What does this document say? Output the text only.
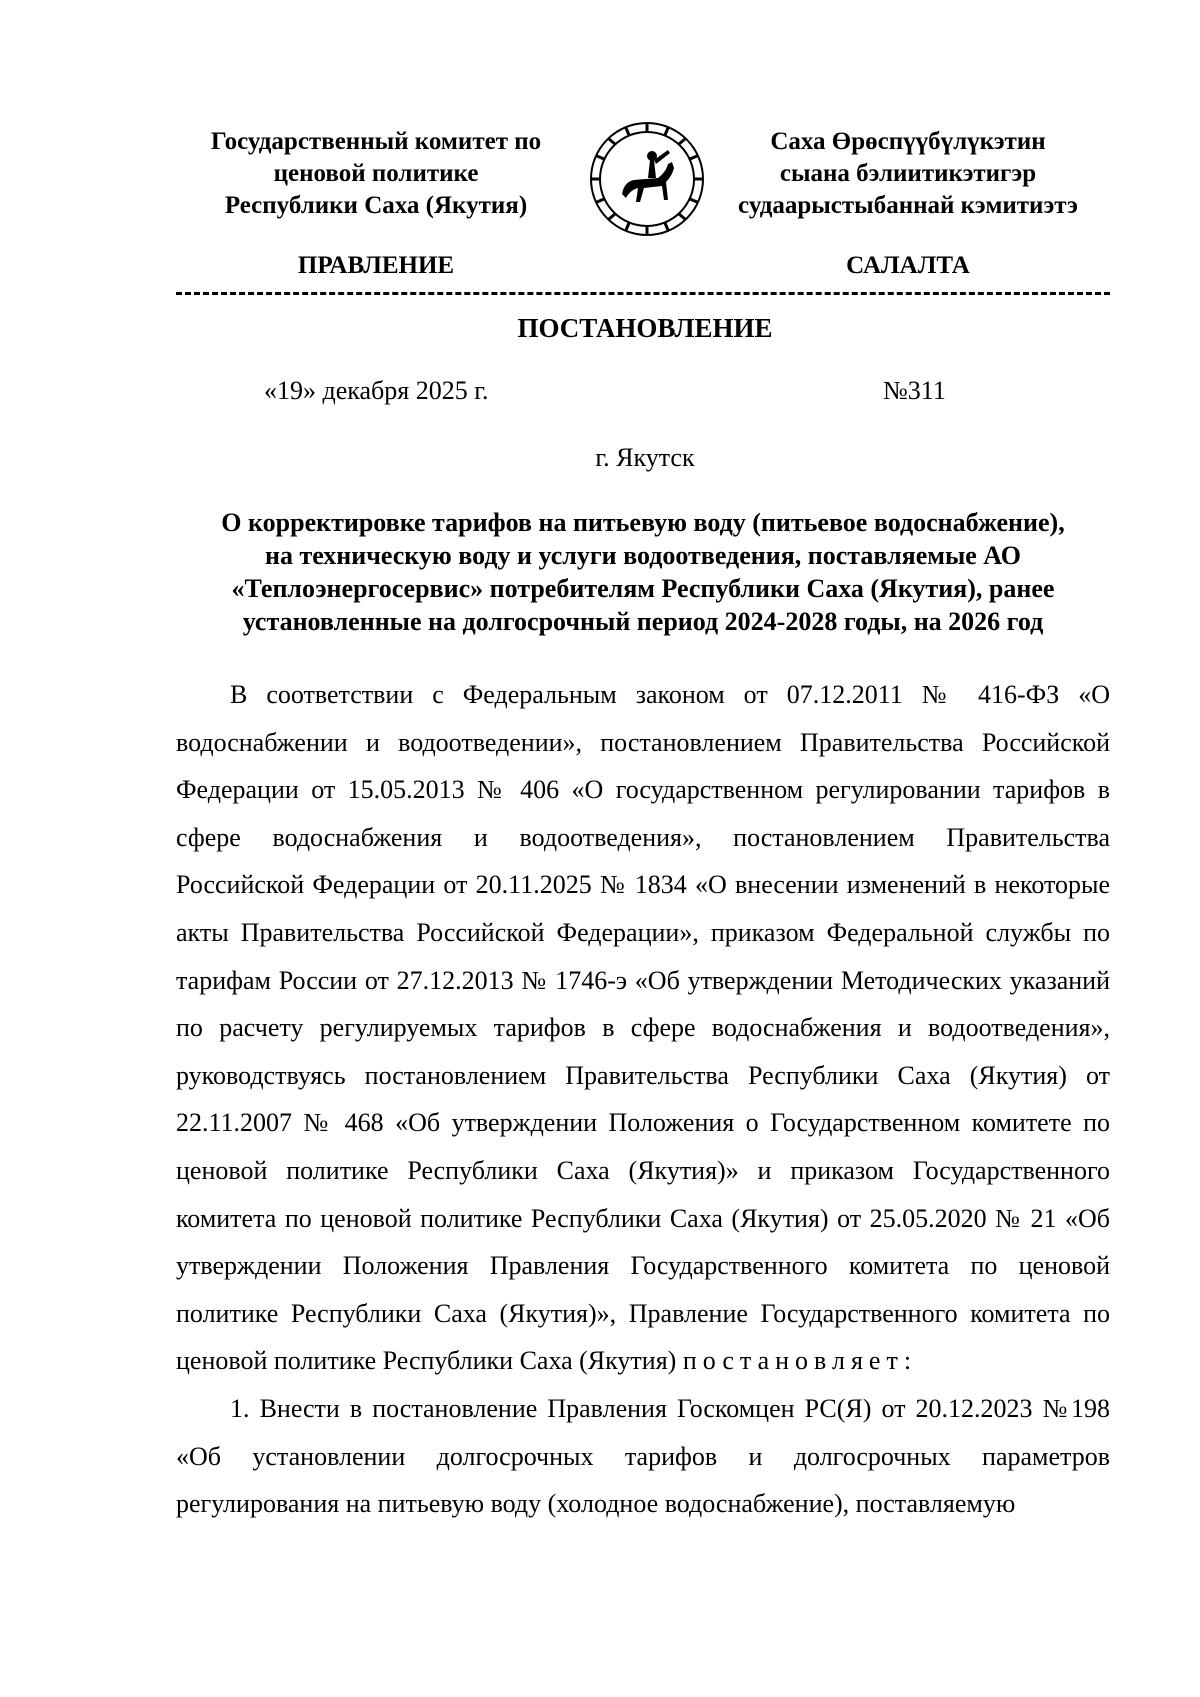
Государственный комитет по
ценовой политике
Республики Саха (Якутия)
Саха Өрөспүүбүлүкэтин
сыана бэлиитикэтигэр
судаарыстыбаннай кэмитиэтэ
ПРАВЛЕНИЕ	САЛАЛТА
ПОСТАНОВЛЕНИЕ
«19» декабря 2025 г.	№311
г. Якутск
О корректировке тарифов на питьевую воду (питьевое водоснабжение),
на техническую воду и услуги водоотведения, поставляемые АО
«Теплоэнергосервис» потребителям Республики Саха (Якутия), ранее
установленные на долгосрочный период 2024-2028 годы, на 2026 год

В соответствии с Федеральным законом от 07.12.2011 № 416-ФЗ «О водоснабжении и водоотведении», постановлением Правительства Российской Федерации от 15.05.2013 № 406 «О государственном регулировании тарифов в сфере водоснабжения и водоотведения», постановлением Правительства Российской Федерации от 20.11.2025 № 1834 «О внесении изменений в некоторые акты Правительства Российской Федерации», приказом Федеральной службы по тарифам России от 27.12.2013 № 1746-э «Об утверждении Методических указаний по расчету регулируемых тарифов в сфере водоснабжения и водоотведения», руководствуясь постановлением Правительства Республики Саха (Якутия) от 22.11.2007 № 468 «Об утверждении Положения о Государственном комитете по ценовой политике Республики Саха (Якутия)» и приказом Государственного комитета по ценовой политике Республики Саха (Якутия) от 25.05.2020 № 21 «Об утверждении Положения Правления Государственного комитета по ценовой политике Республики Саха (Якутия)», Правление Государственного комитета по ценовой политике Республики Саха (Якутия) постановляет:

1. Внести в постановление Правления Госкомцен РС(Я) от 20.12.2023 №198 «Об установлении долгосрочных тарифов и долгосрочных параметров регулирования на питьевую воду (холодное водоснабжение), поставляемую
